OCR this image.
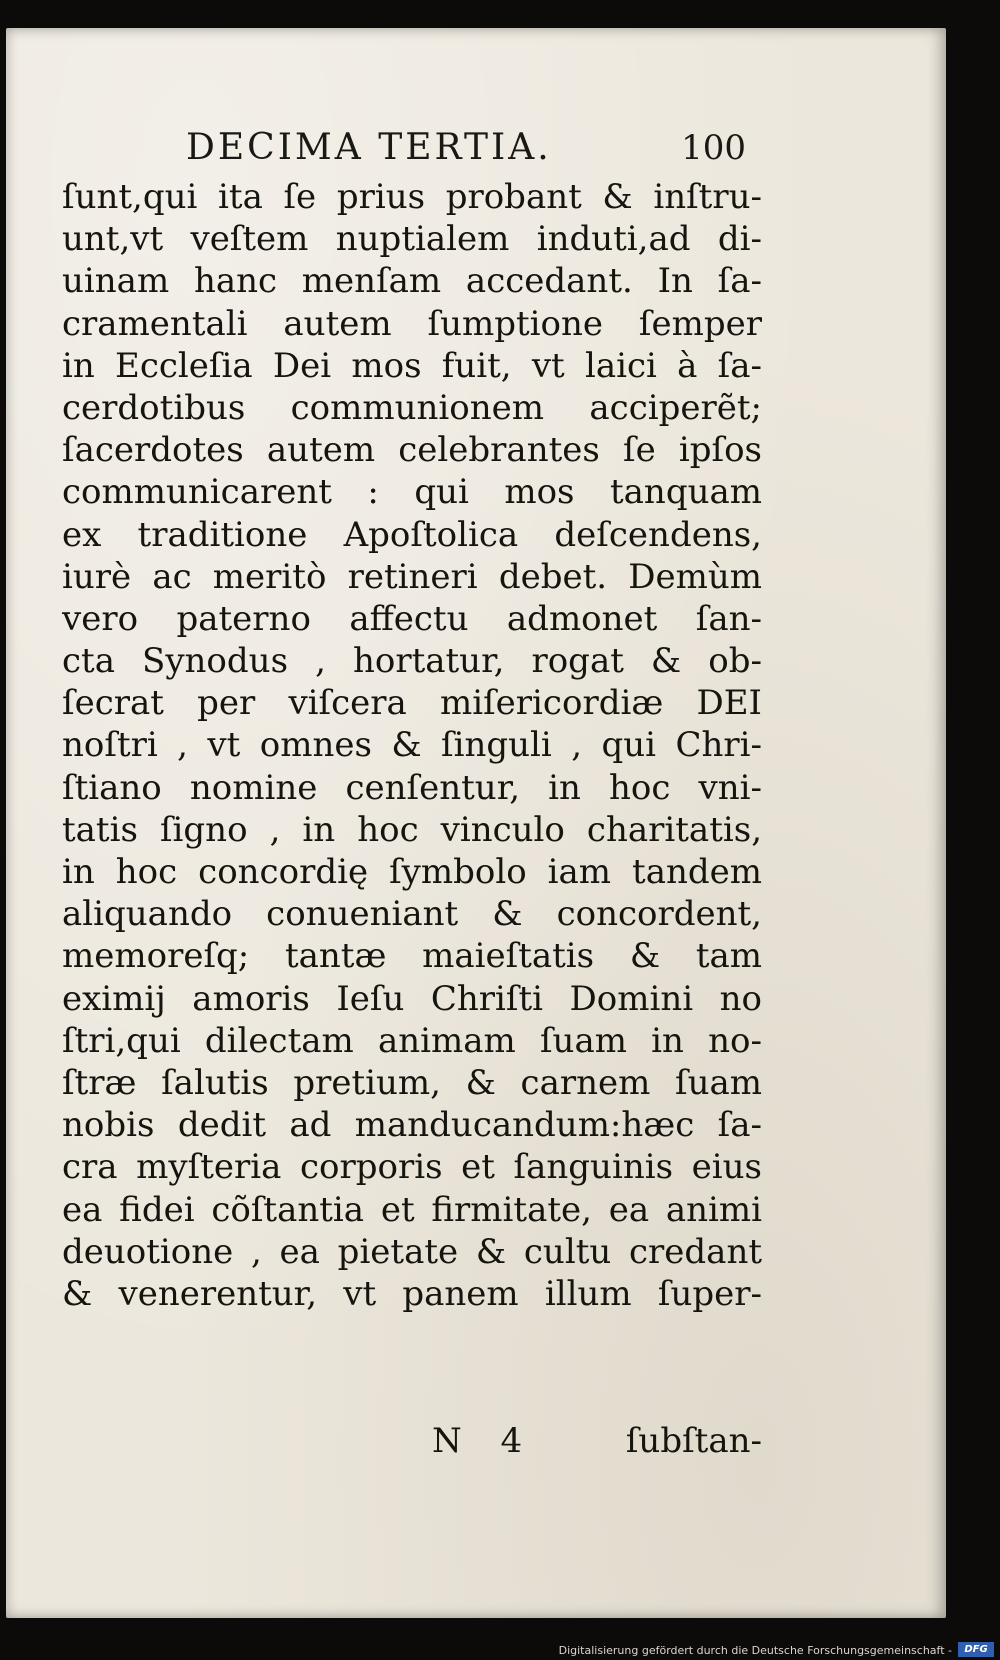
DECIMA TERTIA.	100
ſunt,qui ita ſe prius probant & inſtru-
unt,vt veſtem nuptialem induti,ad di-
uinam hanc menſam accedant. In ſa-
cramentali autem ſumptione ſemper
in Eccleſia Dei mos fuit, vt laici à ſa-
cerdotibus communionem acciperẽt;
ſacerdotes autem celebrantes ſe ipſos
communicarent : qui mos tanquam
ex traditione Apoſtolica deſcendens,
iurè ac meritò retineri debet. Demùm
vero paterno affectu admonet ſan-
cta Synodus , hortatur, rogat & ob-
ſecrat per viſcera miſericordiæ DEI
noſtri , vt omnes & ſinguli , qui Chri-
ſtiano nomine cenſentur, in hoc vni-
tatis ſigno , in hoc vinculo charitatis,
in hoc concordię ſymbolo iam tandem
aliquando conueniant & concordent,
memoreſq; tantæ maieſtatis & tam
eximij amoris Ieſu Chriſti Domini no
ſtri,qui dilectam animam ſuam in no-
ſtræ ſalutis pretium, & carnem ſuam
nobis dedit ad manducandum:hæc ſa-
cra myſteria corporis et ſanguinis eius
ea fidei cõſtantia et firmitate, ea animi
deuotione , ea pietate & cultu credant
& venerentur, vt panem illum ſuper-
N 4	ſubſtan-
Digitalisierung gefördert durch die Deutsche Forschungsgemeinschaft -	DFG
